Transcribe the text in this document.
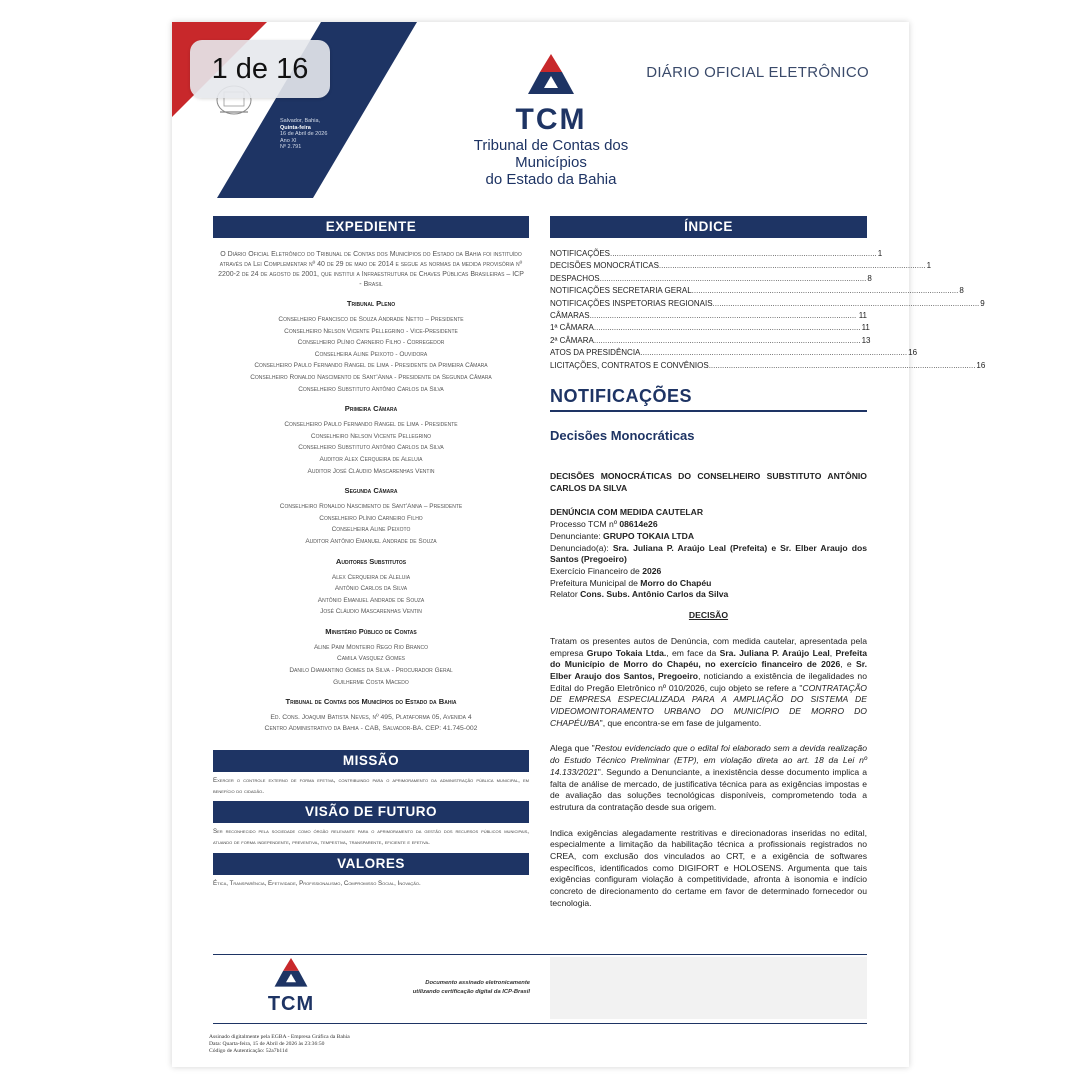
Salvador, Bahia,
Quinta-feira
16 de Abril de 2026
Ano XI
Nº 2.791
TCM
Tribunal de Contas dos Municípios
do Estado da Bahia
DIÁRIO OFICIAL ELETRÔNICO
EXPEDIENTE
O Diário Oficial Eletrônico do Tribunal de Contas dos Municípios do Estado da Bahia foi instituído através da Lei Complementar nº 40 de 29 de maio de 2014 e segue as normas da medida provisória nº 2200-2 de 24 de agosto de 2001, que institui a Infraestrutura de Chaves Públicas Brasileiras – ICP - Brasil
Tribunal Pleno
Conselheiro Francisco de Souza Andrade Netto – Presidente
Conselheiro Nelson Vicente Pellegrino - Vice-Presidente
Conselheiro Plínio Carneiro Filho - Corregedor
Conselheira Aline Peixoto - Ouvidora
Conselheiro Paulo Fernando Rangel de Lima - Presidente da Primeira Câmara
Conselheiro Ronaldo Nascimento de Sant'Anna - Presidente da Segunda Câmara
Conselheiro Substituto Antônio Carlos da Silva
Primeira Câmara
Conselheiro Paulo Fernando Rangel de Lima - Presidente
Conselheiro Nelson Vicente Pellegrino
Conselheiro Substituto Antônio Carlos da Silva
Auditor Alex Cerqueira de Aleluia
Auditor José Cláudio Mascarenhas Ventin
Segunda Câmara
Conselheiro Ronaldo Nascimento de Sant'Anna – Presidente
Conselheiro Plínio Carneiro Filho
Conselheira Aline Peixoto
Auditor Antônio Emanuel Andrade de Souza
Auditores Substitutos
Alex Cerqueira de Aleluia
Antônio Carlos da Silva
Antônio Emanuel Andrade de Souza
José Cláudio Mascarenhas Ventin
Ministério Público de Contas
Aline Paim Monteiro Rego Rio Branco
Camila Vasquez Gomes
Danilo Diamantino Gomes da Silva - Procurador Geral
Guilherme Costa Macedo
Tribunal de Contas dos Municípios do Estado da Bahia
Ed. Cons. Joaquim Batista Neves, nº 495, Plataforma 05, Avenida 4
Centro Administrativo da Bahia - CAB, Salvador-BA. CEP: 41.745-002
MISSÃO
Exercer o controle externo de forma efetiva, contribuindo para o aprimoramento da administração pública municipal, em benefício do cidadão.
VISÃO DE FUTURO
Ser reconhecido pela sociedade como órgão relevante para o aprimoramento da gestão dos recursos públicos municipais, atuando de forma independente, preventiva, tempestiva, transparente, eficiente e efetiva.
VALORES
Ética, Transparência, Efetividade, Profissionalismo, Compromisso Social, Inovação.
ÍNDICE
NOTIFICAÇÕES ........................................................................................................................ 1
DECISÕES MONOCRÁTICAS ........................................................................................................................ 1
DESPACHOS ........................................................................................................................ 8
NOTIFICAÇÕES SECRETARIA GERAL ........................................................................................................................ 8
NOTIFICAÇÕES INSPETORIAS REGIONAIS ........................................................................................................................ 9
CÂMARAS ........................................................................................................................ 11
1ª CÂMARA ........................................................................................................................ 11
2ª CÂMARA ........................................................................................................................ 13
ATOS DA PRESIDÊNCIA ........................................................................................................................ 16
LICITAÇÕES, CONTRATOS E CONVÊNIOS ........................................................................................................................ 16
NOTIFICAÇÕES
Decisões Monocráticas
DECISÕES MONOCRÁTICAS DO CONSELHEIRO SUBSTITUTO ANTÔNIO CARLOS DA SILVA
DENÚNCIA COM MEDIDA CAUTELAR
Processo TCM nº 08614e26
Denunciante: GRUPO TOKAIA LTDA
Denunciado(a): Sra. Juliana P. Araújo Leal (Prefeita) e Sr. Elber Araujo dos Santos (Pregoeiro)
Exercício Financeiro de 2026
Prefeitura Municipal de Morro do Chapéu
Relator Cons. Subs. Antônio Carlos da Silva
DECISÃO
Tratam os presentes autos de Denúncia, com medida cautelar, apresentada pela empresa Grupo Tokaia Ltda., em face da Sra. Juliana P. Araújo Leal, Prefeita do Município de Morro do Chapéu, no exercício financeiro de 2026, e Sr. Elber Araujo dos Santos, Pregoeiro, noticiando a existência de ilegalidades no Edital do Pregão Eletrônico nº 010/2026, cujo objeto se refere a "CONTRATAÇÃO DE EMPRESA ESPECIALIZADA PARA A AMPLIAÇÃO DO SISTEMA DE VIDEOMONITORAMENTO URBANO DO MUNICÍPIO DE MORRO DO CHAPÉU/BA", que encontra-se em fase de julgamento.
Alega que "Restou evidenciado que o edital foi elaborado sem a devida realização do Estudo Técnico Preliminar (ETP), em violação direta ao art. 18 da Lei nº 14.133/2021". Segundo a Denunciante, a inexistência desse documento implica a falta de análise de mercado, de justificativa técnica para as exigências impostas e de avaliação das soluções tecnológicas disponíveis, comprometendo toda a estrutura da contratação desde sua origem.
Indica exigências alegadamente restritivas e direcionadoras inseridas no edital, especialmente a limitação da habilitação técnica a profissionais registrados no CREA, com exclusão dos vinculados ao CRT, e a exigência de softwares específicos, identificados como DIGIFORT e HOLOSENS. Argumenta que tais exigências configuram violação à competitividade, afronta à isonomia e indício concreto de direcionamento do certame em favor de determinado fornecedor ou tecnologia.
TCM
Documento assinado eletronicamente
utilizando certificação digital da ICP-Brasil
Assinado digitalmente pela EGBA - Empresa Gráfica da Bahia
Data: Quarta-feira, 15 de Abril de 2026 às 23:36:50
Código de Autenticação: 52a7b11d
1 de 16
